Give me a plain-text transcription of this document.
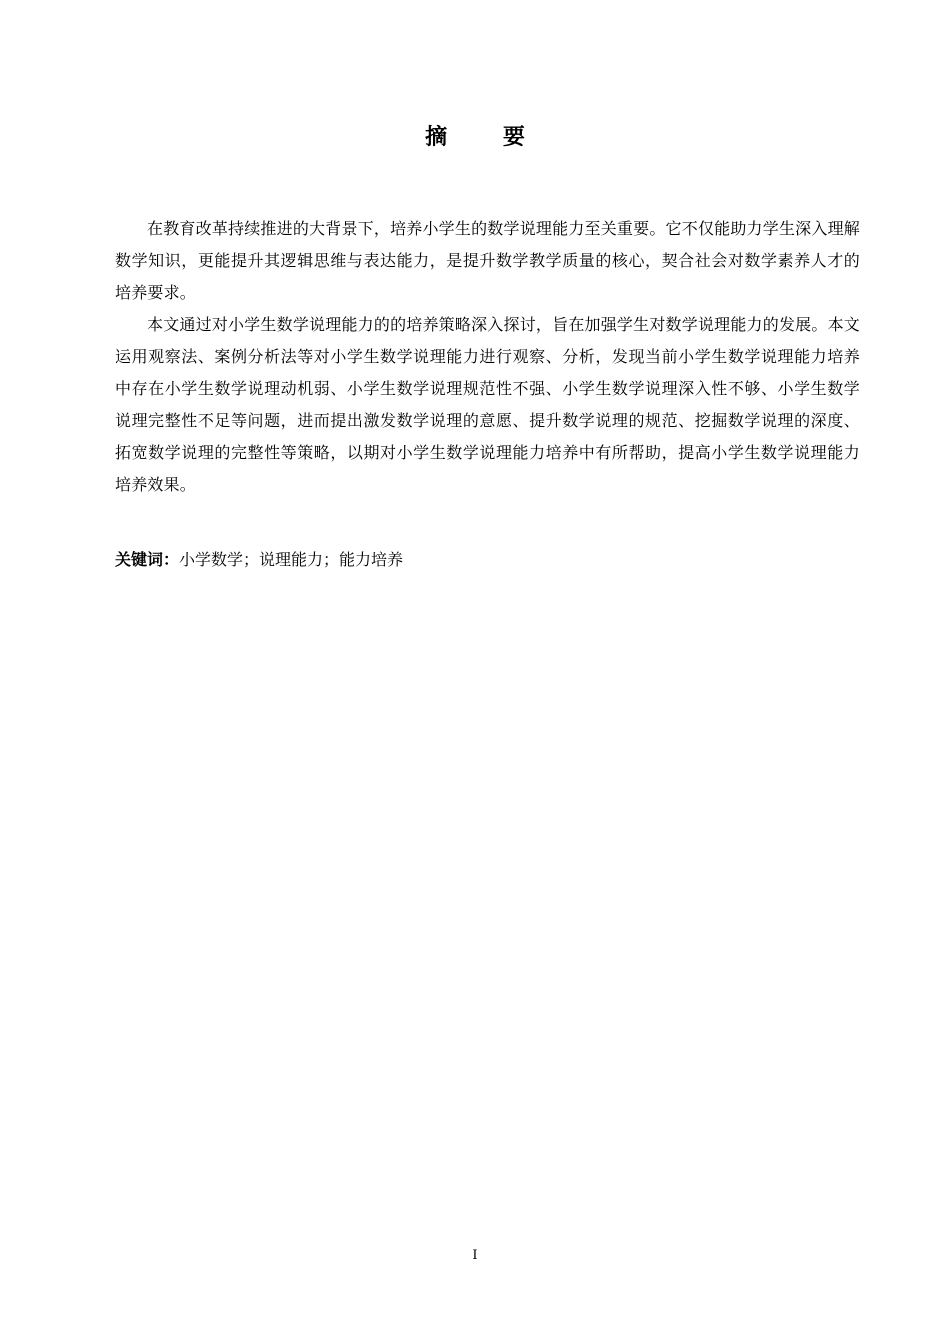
摘 要

在教育改革持续推进的大背景下，培养小学生的数学说理能力至关重要。它不仅能助力学生深入理解数学知识，更能提升其逻辑思维与表达能力，是提升数学教学质量的核心，契合社会对数学素养人才的培养要求。

本文通过对小学生数学说理能力的的培养策略深入探讨，旨在加强学生对数学说理能力的发展。本文运用观察法、案例分析法等对小学生数学说理能力进行观察、分析，发现当前小学生数学说理能力培养中存在小学生数学说理动机弱、小学生数学说理规范性不强、小学生数学说理深入性不够、小学生数学说理完整性不足等问题，进而提出激发数学说理的意愿、提升数学说理的规范、挖掘数学说理的深度、拓宽数学说理的完整性等策略，以期对小学生数学说理能力培养中有所帮助，提高小学生数学说理能力培养效果。

关键词：小学数学；说理能力；能力培养
I
